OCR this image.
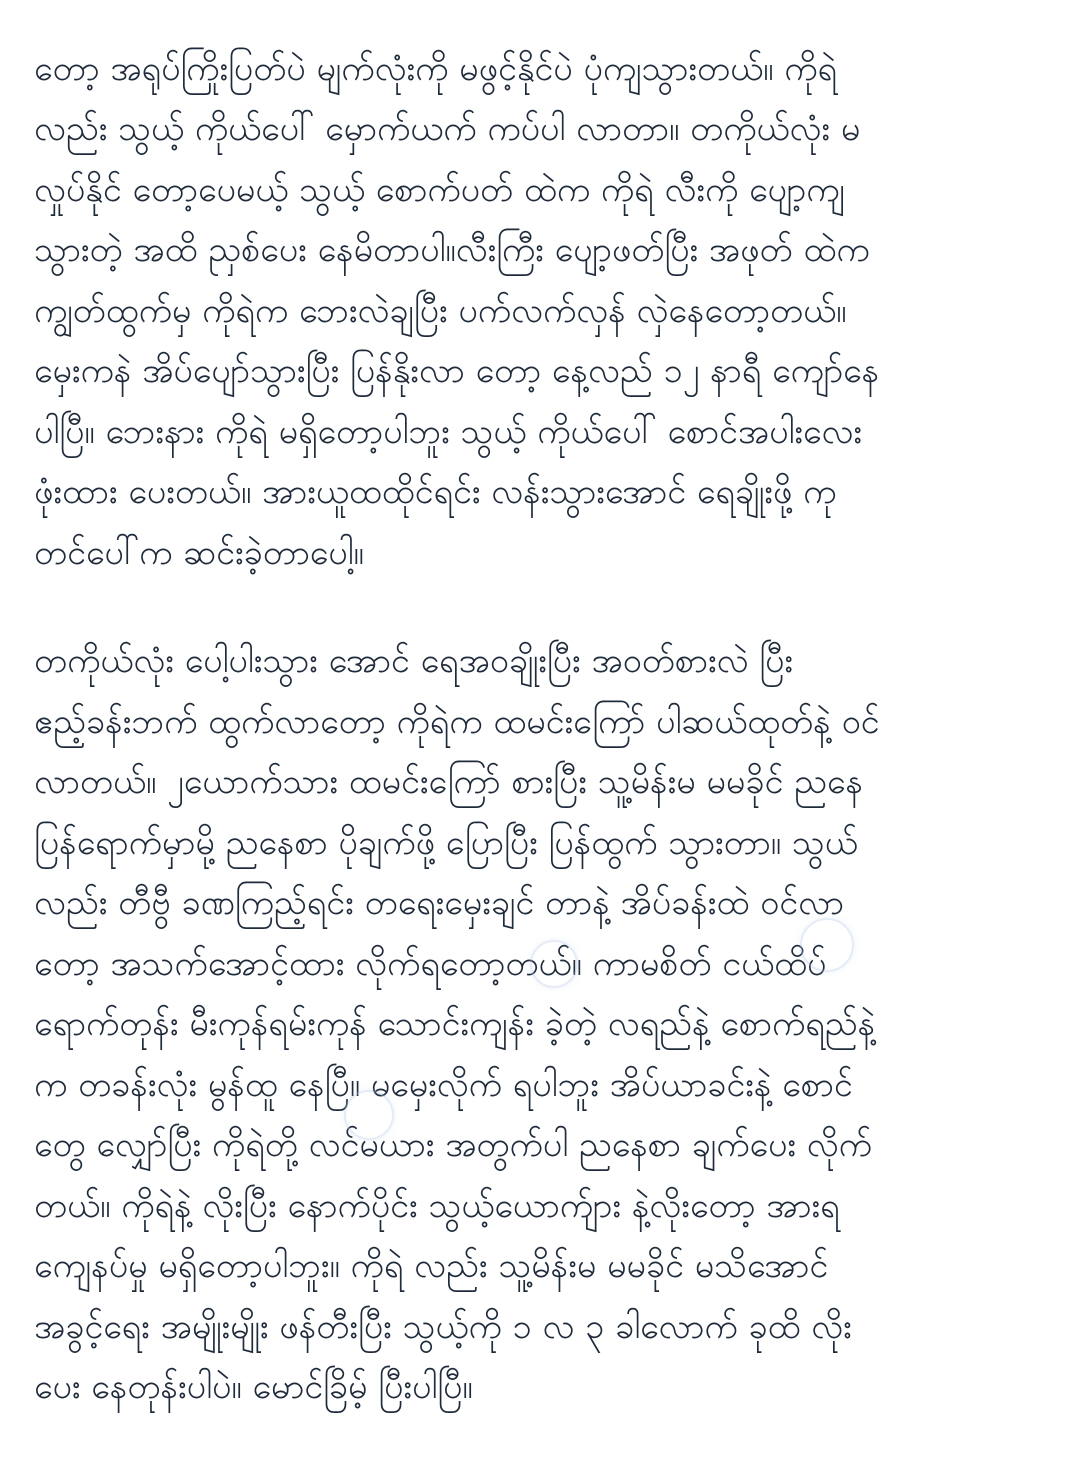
တော့ အရုပ်ကြိုးပြတ်ပဲ မျက်လုံးကို မဖွင့်နိုင်ပဲ ပုံကျသွားတယ်။ ကိုရဲ
လည်း သွယ့် ကိုယ်ပေါ် မှောက်ယက် ကပ်ပါ လာတာ။ တကိုယ်လုံး မ
လှုပ်နိုင် တော့ပေမယ့် သွယ့် စောက်ပတ် ထဲက ကိုရဲ လီးကို ပျော့ကျ
သွားတဲ့ အထိ ညှစ်ပေး နေမိတာပါ။လီးကြီး ပျော့ဖတ်ပြီး အဖုတ် ထဲက
ကျွတ်ထွက်မှ ကိုရဲက ဘေးလဲချပြီး ပက်လက်လှန် လှဲနေတော့တယ်။
မှေးကနဲ အိပ်ပျော်သွားပြီး ပြန်နိုးလာ တော့ နေ့လည် ၁၂ နာရီ ကျော်နေ
ပါပြီ။ ဘေးနား ကိုရဲ မရှိတော့ပါဘူး သွယ့် ကိုယ်ပေါ် စောင်အပါးလေး
ဖုံးထား ပေးတယ်။ အားယူထထိုင်ရင်း လန်းသွားအောင် ရေချိုးဖို့ ကု
တင်ပေါ်က ဆင်းခဲ့တာပေါ့။
တကိုယ်လုံး ပေါ့ပါးသွား အောင် ရေအဝချိုးပြီး အဝတ်စားလဲ ပြီး
ဧည့်ခန်းဘက် ထွက်လာတော့ ကိုရဲက ထမင်းကြော် ပါဆယ်ထုတ်နဲ့ ဝင်
လာတယ်။ ၂ယောက်သား ထမင်းကြော် စားပြီး သူ့မိန်းမ မမခိုင် ညနေ
ပြန်ရောက်မှာမို့ ညနေစာ ပိုချက်ဖို့ ပြောပြီး ပြန်ထွက် သွားတာ။ သွယ်
လည်း တီဗွီ ခဏကြည့်ရင်း တရေးမှေးချင် တာနဲ့ အိပ်ခန်းထဲ ဝင်လာ
တော့ အသက်အောင့်ထား လိုက်ရတော့တယ်။ ကာမစိတ် ငယ်ထိပ်
ရောက်တုန်း မီးကုန်ရမ်းကုန် သောင်းကျန်း ခဲ့တဲ့ လရည်နဲ့ စောက်ရည်နဲ့
က တခန်းလုံး မွန်ထူ နေပြီ။ မမှေးလိုက် ရပါဘူး အိပ်ယာခင်းနဲ့ စောင်
တွေ လျှော်ပြီး ကိုရဲတို့ လင်မယား အတွက်ပါ ညနေစာ ချက်ပေး လိုက်
တယ်။ ကိုရဲနဲ့ လိုးပြီး နောက်ပိုင်း သွယ့်ယောက်ျား နဲ့လိုးတော့ အားရ
ကျေနပ်မှု မရှိတော့ပါဘူး။ ကိုရဲ လည်း သူ့မိန်းမ မမခိုင် မသိအောင်
အခွင့်ရေး အမျိုးမျိုး ဖန်တီးပြီး သွယ့်ကို ၁ လ ၃ ခါလောက် ခုထိ လိုး
ပေး နေတုန်းပါပဲ။ မောင်ခြိမ့် ပြီးပါပြီ။
